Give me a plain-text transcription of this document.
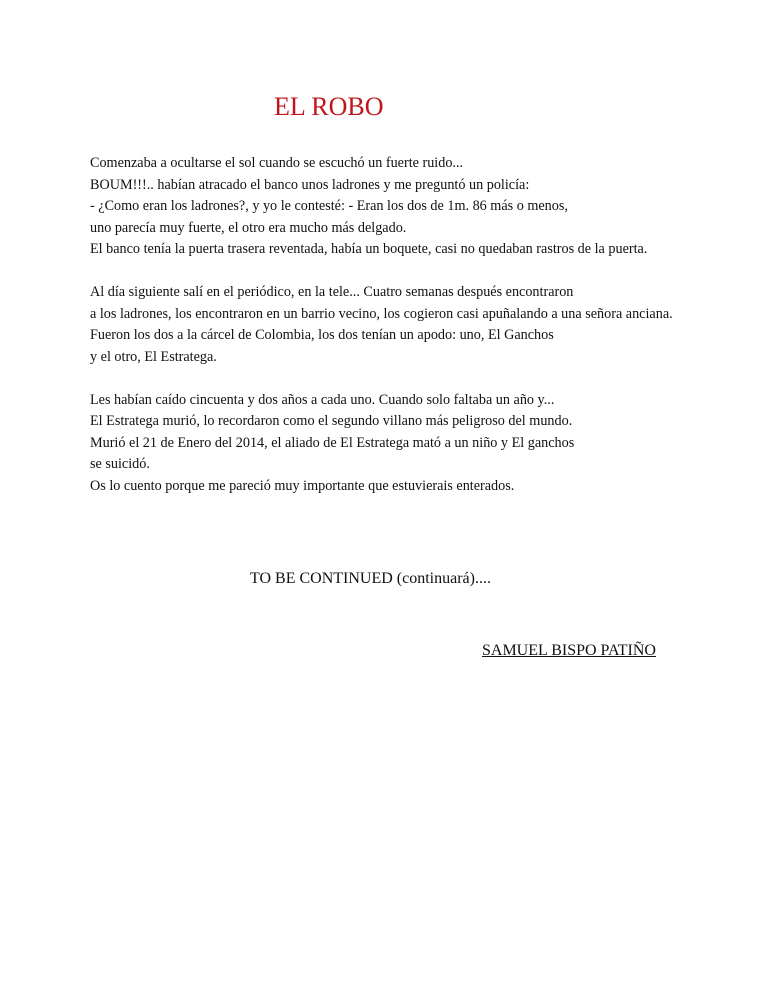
EL ROBO
Comenzaba a ocultarse el sol cuando se escuchó un fuerte ruido...
BOUM!!!.. habían atracado el banco unos ladrones y me preguntó un policía:
- ¿Como eran los ladrones?, y yo le contesté: - Eran los dos de 1m. 86 más o menos,
uno parecía muy fuerte, el otro era mucho más delgado.
El banco tenía la puerta trasera reventada, había un boquete, casi no quedaban rastros de la puerta.
Al día siguiente salí en el periódico, en la tele... Cuatro semanas después encontraron
a los ladrones, los encontraron en un barrio vecino, los cogieron casi apuñalando a una señora anciana.
Fueron los dos a la cárcel de Colombia, los dos tenían un apodo: uno, El Ganchos
y el otro, El Estratega.
Les habían caído cincuenta y dos años a cada uno. Cuando solo faltaba un año y...
El Estratega murió, lo recordaron como el segundo villano más peligroso del mundo.
Murió el 21 de Enero del 2014, el aliado de El Estratega mató a un niño y El ganchos
se suicidó.
Os lo cuento porque me pareció muy importante que estuvierais enterados.
TO BE CONTINUED (continuará)....
SAMUEL BISPO PATIÑO
